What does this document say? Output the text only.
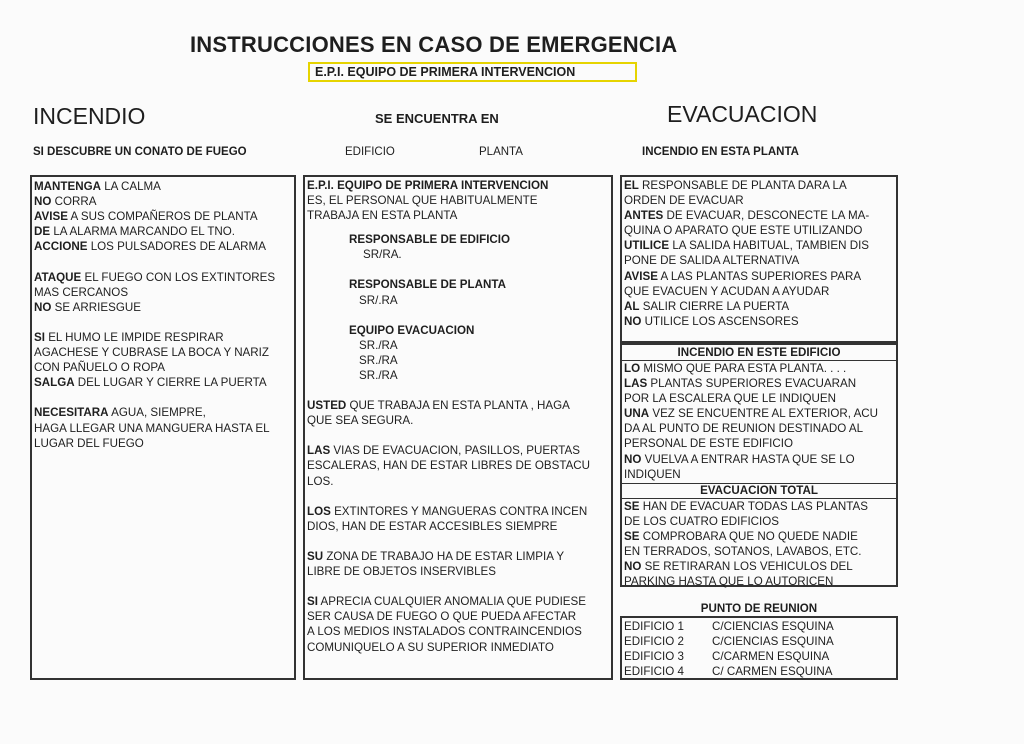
INSTRUCCIONES EN CASO DE EMERGENCIA
E.P.I. EQUIPO DE PRIMERA INTERVENCION
INCENDIO
SI DESCUBRE UN CONATO DE FUEGO
SE ENCUENTRA EN
EDIFICIO	PLANTA
EVACUACION
INCENDIO EN ESTA PLANTA
MANTENGA LA CALMA
NO CORRA
AVISE A SUS COMPAÑEROS DE PLANTA
DE LA ALARMA MARCANDO EL TNO.
ACCIONE LOS PULSADORES DE ALARMA

ATAQUE EL FUEGO CON LOS EXTINTORES
MAS CERCANOS
NO SE ARRIESGUE

SI EL HUMO LE IMPIDE RESPIRAR
AGACHESE Y CUBRASE LA BOCA Y NARIZ
CON PAÑUELO O ROPA
SALGA DEL LUGAR Y CIERRE LA PUERTA

NECESITARA AGUA, SIEMPRE,
HAGA LLEGAR UNA MANGUERA HASTA EL
LUGAR DEL FUEGO
E.P.I. EQUIPO DE PRIMERA INTERVENCION
ES, EL PERSONAL QUE HABITUALMENTE
TRABAJA EN ESTA PLANTA
RESPONSABLE DE EDIFICIO
SR/RA.
RESPONSABLE DE PLANTA
SR/.RA
EQUIPO EVACUACION
SR./RA
SR./RA
SR./RA
USTED QUE TRABAJA EN ESTA PLANTA , HAGA
QUE SEA SEGURA.

LAS VIAS DE EVACUACION, PASILLOS, PUERTAS
ESCALERAS, HAN DE ESTAR LIBRES DE OBSTACU
LOS.

LOS EXTINTORES Y MANGUERAS CONTRA INCEN
DIOS, HAN DE ESTAR ACCESIBLES SIEMPRE

SU ZONA DE TRABAJO HA DE ESTAR LIMPIA Y
LIBRE DE OBJETOS INSERVIBLES

SI APRECIA CUALQUIER ANOMALIA QUE PUDIESE
SER CAUSA DE FUEGO O QUE PUEDA AFECTAR
A LOS MEDIOS INSTALADOS CONTRAINCENDIOS
COMUNIQUELO A SU SUPERIOR INMEDIATO
EL RESPONSABLE DE PLANTA DARA LA
ORDEN DE EVACUAR
ANTES DE EVACUAR, DESCONECTE LA MA-
QUINA O APARATO QUE ESTE UTILIZANDO
UTILICE LA SALIDA HABITUAL, TAMBIEN DIS
PONE DE SALIDA ALTERNATIVA
AVISE A LAS PLANTAS SUPERIORES PARA
QUE EVACUEN Y ACUDAN A AYUDAR
AL SALIR CIERRE LA PUERTA
NO UTILICE LOS ASCENSORES
INCENDIO EN ESTE EDIFICIO
LO MISMO QUE PARA ESTA PLANTA. . . .
LAS PLANTAS SUPERIORES EVACUARAN
POR LA ESCALERA QUE LE INDIQUEN
UNA VEZ SE ENCUENTRE AL EXTERIOR, ACU
DA AL PUNTO DE REUNION DESTINADO AL
PERSONAL DE ESTE EDIFICIO
NO VUELVA A ENTRAR HASTA QUE SE LO
INDIQUEN
EVACUACION TOTAL
SE HAN DE EVACUAR TODAS LAS PLANTAS
DE LOS CUATRO EDIFICIOS
SE COMPROBARA QUE NO QUEDE NADIE
EN TERRADOS, SOTANOS, LAVABOS, ETC.
NO SE RETIRARAN LOS VEHICULOS DEL
PARKING HASTA QUE LO AUTORICEN
PUNTO DE REUNION
EDIFICIO 1 C/CIENCIAS ESQUINA
EDIFICIO 2 C/CIENCIAS ESQUINA
EDIFICIO 3 C/CARMEN ESQUINA
EDIFICIO 4 C/ CARMEN ESQUINA
